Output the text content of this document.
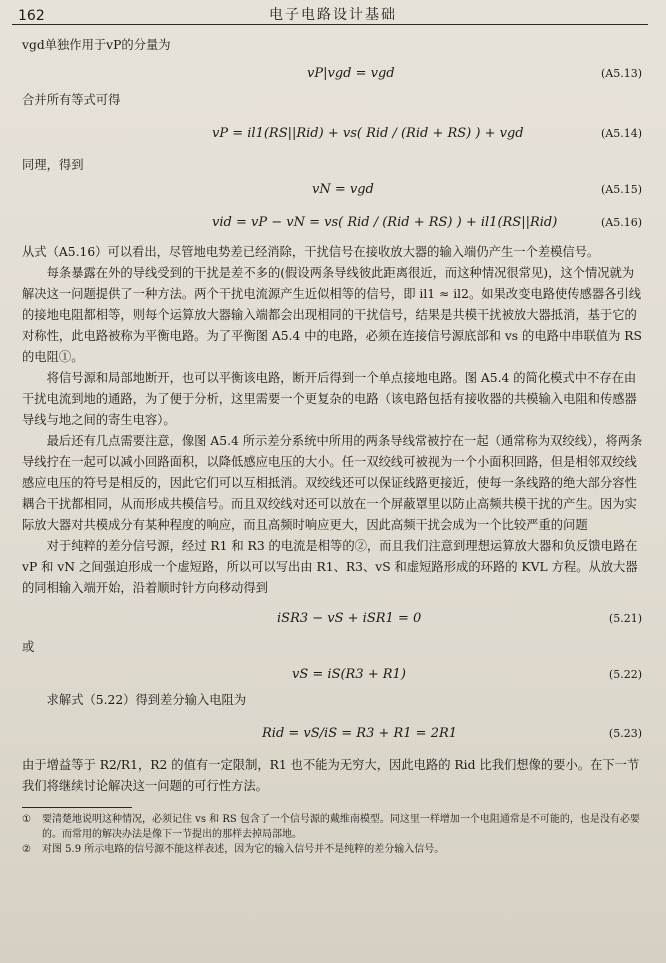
162	电子电路设计基础

vgd单独作用于vP的分量为

vP|vgd = vgd	(A5.13)

合并所有等式可得

vP = il1(RS||Rid) + vs( Rid / (Rid + RS) ) + vgd	(A5.14)

同理，得到

vN = vgd	(A5.15)
vid = vP − vN = vs( Rid / (Rid + RS) ) + il1(RS||Rid)	(A5.16)

从式（A5.16）可以看出，尽管地电势差已经消除，干扰信号在接收放大器的输入端仍产生一个差模信号。

每条暴露在外的导线受到的干扰是差不多的(假设两条导线彼此距离很近，而这种情况很常见)，这个情况就为解决这一问题提供了一种方法。两个干扰电流源产生近似相等的信号，即 il1 ≈ il2。如果改变电路使传感器各引线的接地电阻都相等，则每个运算放大器输入端都会出现相同的干扰信号，结果是共模干扰被放大器抵消，基于它的对称性，此电路被称为平衡电路。为了平衡图 A5.4 中的电路，必须在连接信号源底部和 vs 的电路中串联值为 RS 的电阻①。

将信号源和局部地断开，也可以平衡该电路，断开后得到一个单点接地电路。图 A5.4 的简化模式中不存在由干扰电流到地的通路，为了便于分析，这里需要一个更复杂的电路（该电路包括有接收器的共模输入电阻和传感器导线与地之间的寄生电容）。

最后还有几点需要注意，像图 A5.4 所示差分系统中所用的两条导线常被拧在一起（通常称为双绞线），将两条导线拧在一起可以减小回路面积，以降低感应电压的大小。任一双绞线可被视为一个小面积回路，但是相邻双绞线感应电压的符号是相反的，因此它们可以互相抵消。双绞线还可以保证线路更接近，使每一条线路的绝大部分容性耦合干扰都相同，从而形成共模信号。而且双绞线对还可以放在一个屏蔽罩里以防止高频共模干扰的产生。因为实际放大器对共模成分有某种程度的响应，而且高频时响应更大，因此高频干扰会成为一个比较严重的问题

对于纯粹的差分信号源，经过 R1 和 R3 的电流是相等的②，而且我们注意到理想运算放大器和负反馈电路在 vP 和 vN 之间强迫形成一个虚短路，所以可以写出由 R1、R3、vS 和虚短路形成的环路的 KVL 方程。从放大器的同相输入端开始，沿着顺时针方向移动得到

iSR3 − vS + iSR1 = 0	(5.21)

或

vS = iS(R3 + R1)	(5.22)

求解式（5.22）得到差分输入电阻为

Rid = vS/iS = R3 + R1 = 2R1	(5.23)

由于增益等于 R2/R1，R2 的值有一定限制，R1 也不能为无穷大，因此电路的 Rid 比我们想像的要小。在下一节我们将继续讨论解决这一问题的可行性方法。

①	要清楚地说明这种情况，必须记住 vs 和 RS 包含了一个信号源的戴维南模型。同这里一样增加一个电阻通常是不可能的，也是没有必要的。而常用的解决办法是像下一节提出的那样去掉局部地。
②	对图 5.9 所示电路的信号源不能这样表述，因为它的输入信号并不是纯粹的差分输入信号。
